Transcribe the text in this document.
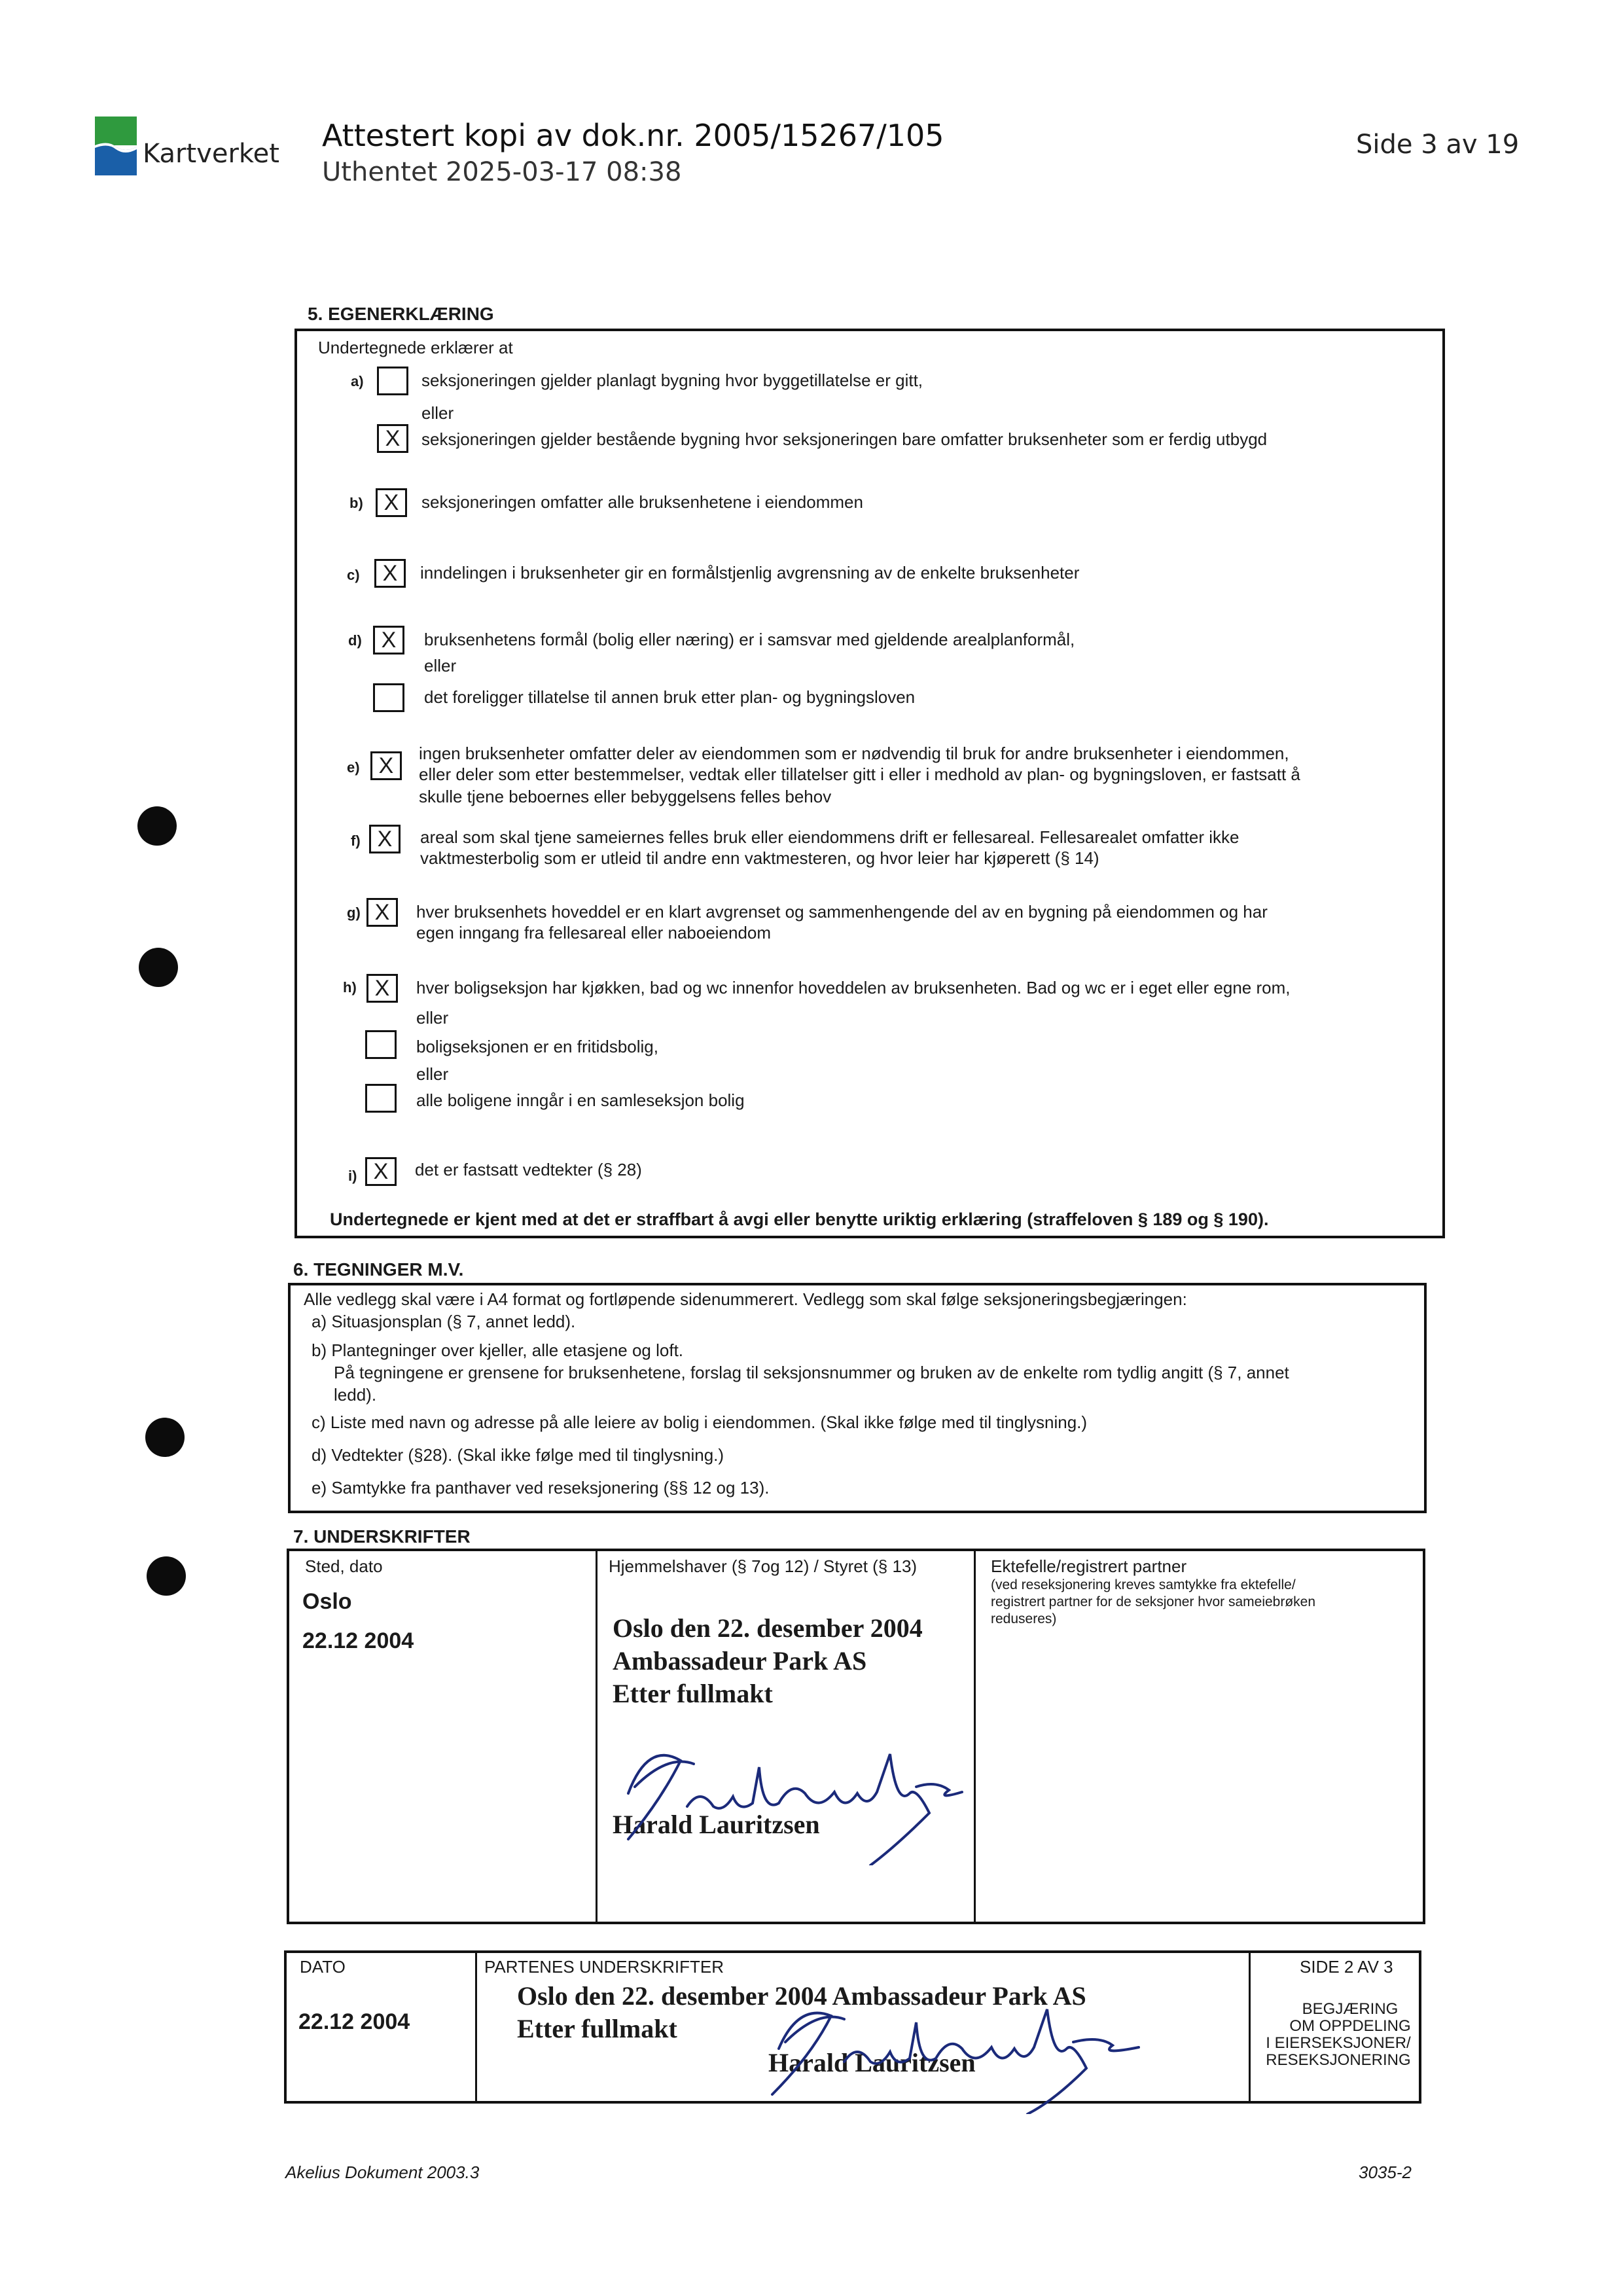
Kartverket
Attestert kopi av dok.nr. 2005/15267/105
Uthentet 2025-03-17 08:38
Side 3 av 19
5. EGENERKLÆRING
Undertegnede erklærer at
a)	seksjoneringen gjelder planlagt bygning hvor byggetillatelse er gitt,
eller
X	seksjoneringen gjelder bestående bygning hvor seksjoneringen bare omfatter bruksenheter som er ferdig utbygd
b) X	seksjoneringen omfatter alle bruksenhetene i eiendommen
c)	X	inndelingen i bruksenheter gir en formålstjenlig avgrensning av de enkelte bruksenheter
d) X	bruksenhetens formål (bolig eller næring) er i samsvar med gjeldende arealplanformål,
eller
det foreligger tillatelse til annen bruk etter plan- og bygningsloven
e) X	ingen bruksenheter omfatter deler av eiendommen som er nødvendig til bruk for andre bruksenheter i eiendommen,
eller deler som etter bestemmelser, vedtak eller tillatelser gitt i eller i medhold av plan- og bygningsloven, er fastsatt å
skulle tjene beboernes eller bebyggelsens felles behov
f) X	areal som skal tjene sameiernes felles bruk eller eiendommens drift er fellesareal. Fellesarealet omfatter ikke
vaktmesterbolig som er utleid til andre enn vaktmesteren, og hvor leier har kjøperett (§ 14)
g) X	hver bruksenhets hoveddel er en klart avgrenset og sammenhengende del av en bygning på eiendommen og har
egen inngang fra fellesareal eller naboeiendom
h) X	hver boligseksjon har kjøkken, bad og wc innenfor hoveddelen av bruksenheten. Bad og wc er i eget eller egne rom,
eller
boligseksjonen er en fritidsbolig,
eller
alle boligene inngår i en samleseksjon bolig
i) X	det er fastsatt vedtekter (§ 28)
Undertegnede er kjent med at det er straffbart å avgi eller benytte uriktig erklæring (straffeloven § 189 og § 190).
6. TEGNINGER M.V.
Alle vedlegg skal være i A4 format og fortløpende sidenummerert. Vedlegg som skal følge seksjoneringsbegjæringen:
a) Situasjonsplan (§ 7, annet ledd).
b) Plantegninger over kjeller, alle etasjene og loft.
På tegningene er grensene for bruksenhetene, forslag til seksjonsnummer og bruken av de enkelte rom tydlig angitt (§ 7, annet
ledd).
c) Liste med navn og adresse på alle leiere av bolig i eiendommen. (Skal ikke følge med til tinglysning.)
d) Vedtekter (§28). (Skal ikke følge med til tinglysning.)
e) Samtykke fra panthaver ved reseksjonering (§§ 12 og 13).
7. UNDERSKRIFTER
Sted, dato
Oslo
22.12 2004
Hjemmelshaver (§ 7og 12) / Styret (§ 13)
Oslo den 22. desember 2004
Ambassadeur Park AS
Etter fullmakt
Harald Lauritzsen
Ektefelle/registrert partner
(ved reseksjonering kreves samtykke fra ektefelle/
registrert partner for de seksjoner hvor sameiebrøken
reduseres)
DATO
22.12 2004
PARTENES UNDERSKRIFTER
Oslo den 22. desember 2004 Ambassadeur Park AS
Etter fullmakt
Harald Lauritzsen
SIDE 2 AV 3
BEGJÆRING
OM OPPDELING
I EIERSEKSJONER/
RESEKSJONERING
Akelius Dokument 2003.3	3035-2
